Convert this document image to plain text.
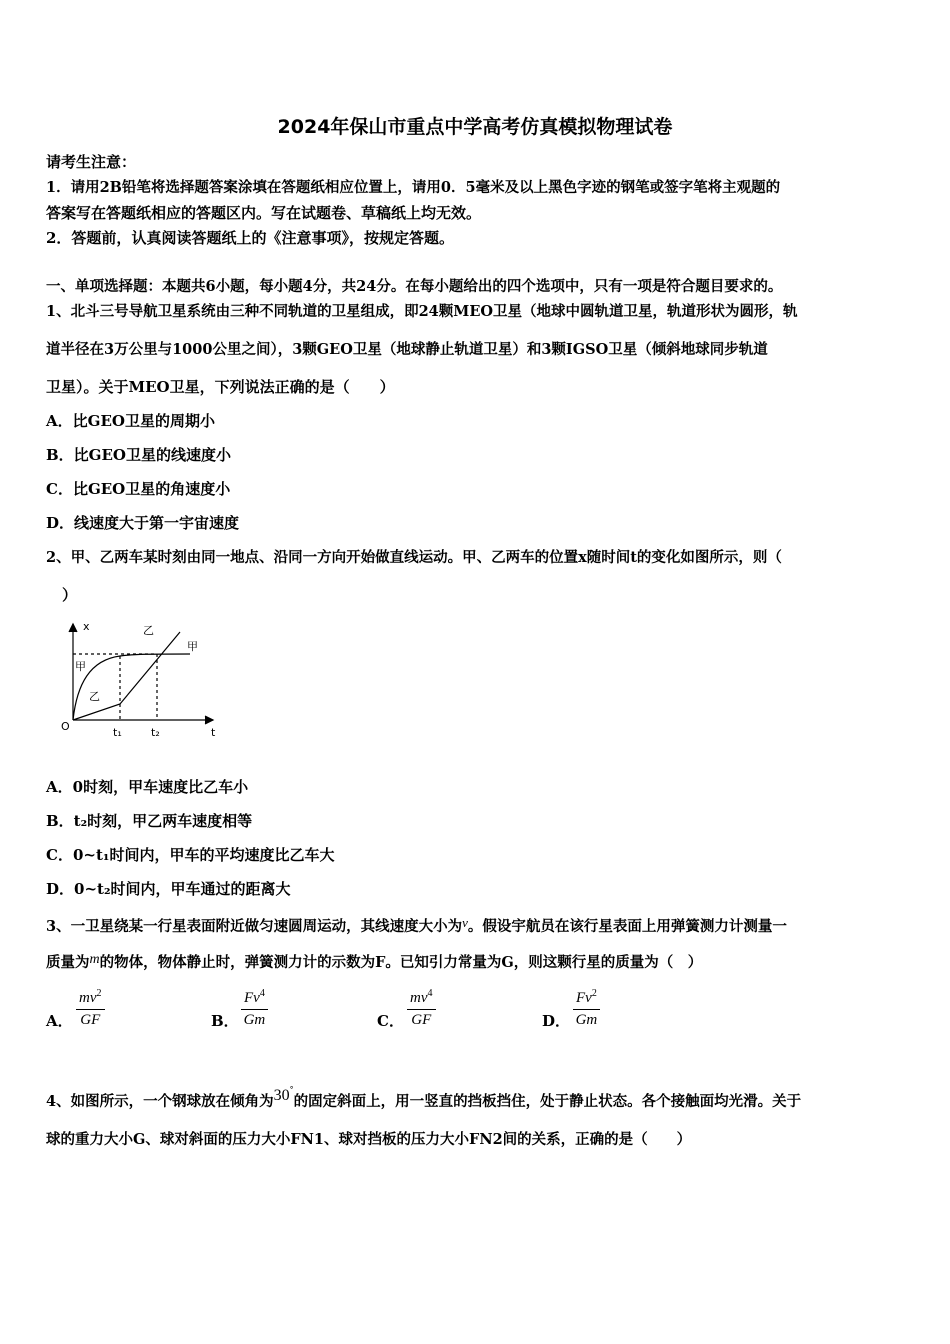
2024年保山市重点中学高考仿真模拟物理试卷
请考生注意：
1．请用2B铅笔将选择题答案涂填在答题纸相应位置上，请用0．5毫米及以上黑色字迹的钢笔或签字笔将主观题的
答案写在答题纸相应的答题区内。写在试题卷、草稿纸上均无效。
2．答题前，认真阅读答题纸上的《注意事项》，按规定答题。
一、单项选择题：本题共6小题，每小题4分，共24分。在每小题给出的四个选项中，只有一项是符合题目要求的。
1、北斗三号导航卫星系统由三种不同轨道的卫星组成，即24颗MEO卫星（地球中圆轨道卫星，轨道形状为圆形，轨
道半径在3万公里与1000公里之间），3颗GEO卫星（地球静止轨道卫星）和3颗IGSO卫星（倾斜地球同步轨道
卫星）。关于MEO卫星，下列说法正确的是（　　）
A．比GEO卫星的周期小
B．比GEO卫星的线速度小
C．比GEO卫星的角速度小
D．线速度大于第一宇宙速度
2、甲、乙两车某时刻由同一地点、沿同一方向开始做直线运动。甲、乙两车的位置x随时间t的变化如图所示，则（
）
x
t
O	t₁	t₂
甲
甲
乙
乙
A．0时刻，甲车速度比乙车小
B．t₂时刻，甲乙两车速度相等
C．0~t₁时间内，甲车的平均速度比乙车大
D．0~t₂时间内，甲车通过的距离大
3、一卫星绕某一行星表面附近做匀速圆周运动，其线速度大小为v。假设宇航员在该行星表面上用弹簧测力计测量一
质量为m的物体，物体静止时，弹簧测力计的示数为F。已知引力常量为G，则这颗行星的质量为（　）
A． $\frac{mv^2}{GF}$	B． $\frac{Fv^4}{Gm}$	C． $\frac{mv^4}{GF}$	D． $\frac{Fv^2}{Gm}$
4、如图所示，一个钢球放在倾角为30°的固定斜面上，用一竖直的挡板挡住，处于静止状态。各个接触面均光滑。关于
球的重力大小G、球对斜面的压力大小FN1、球对挡板的压力大小FN2间的关系，正确的是（　　）
